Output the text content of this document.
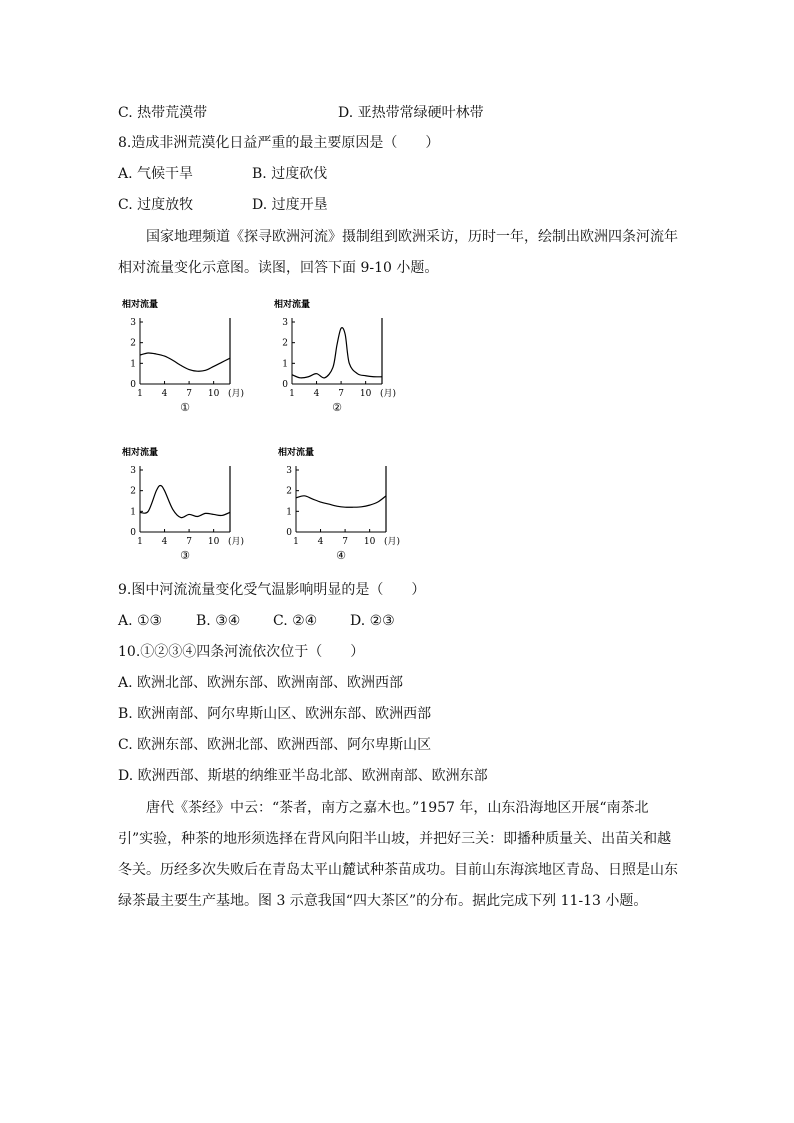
C. 热带荒漠带	D. 亚热带常绿硬叶林带
8.造成非洲荒漠化日益严重的最主要原因是（　　）
A. 气候干旱	B. 过度砍伐
C. 过度放牧	D. 过度开垦
国家地理频道《探寻欧洲河流》摄制组到欧洲采访，历时一年，绘制出欧洲四条河流年相对流量变化示意图。读图，回答下面 9-10 小题。
相对流量
0
1
2
3
1 4 7 10 (月)
①
相对流量
0
1
2
3
1 4 7 10 (月)
②
相对流量
0
1
2
3
1 4 7 10 (月)
③
相对流量
0
1
2
3
1 4 7 10 (月)
④
9.图中河流流量变化受气温影响明显的是（　　）
A. ①③ B. ③④ C. ②④ D. ②③
10.①②③④四条河流依次位于（　　）
A. 欧洲北部、欧洲东部、欧洲南部、欧洲西部
B. 欧洲南部、阿尔卑斯山区、欧洲东部、欧洲西部
C. 欧洲东部、欧洲北部、欧洲西部、阿尔卑斯山区
D. 欧洲西部、斯堪的纳维亚半岛北部、欧洲南部、欧洲东部
唐代《茶经》中云：“茶者，南方之嘉木也。”1957 年，山东沿海地区开展“南茶北引”实验，种茶的地形须选择在背风向阳半山坡，并把好三关：即播种质量关、出苗关和越冬关。历经多次失败后在青岛太平山麓试种茶苗成功。目前山东海滨地区青岛、日照是山东绿茶最主要生产基地。图 3 示意我国“四大茶区”的分布。据此完成下列 11-13 小题。
